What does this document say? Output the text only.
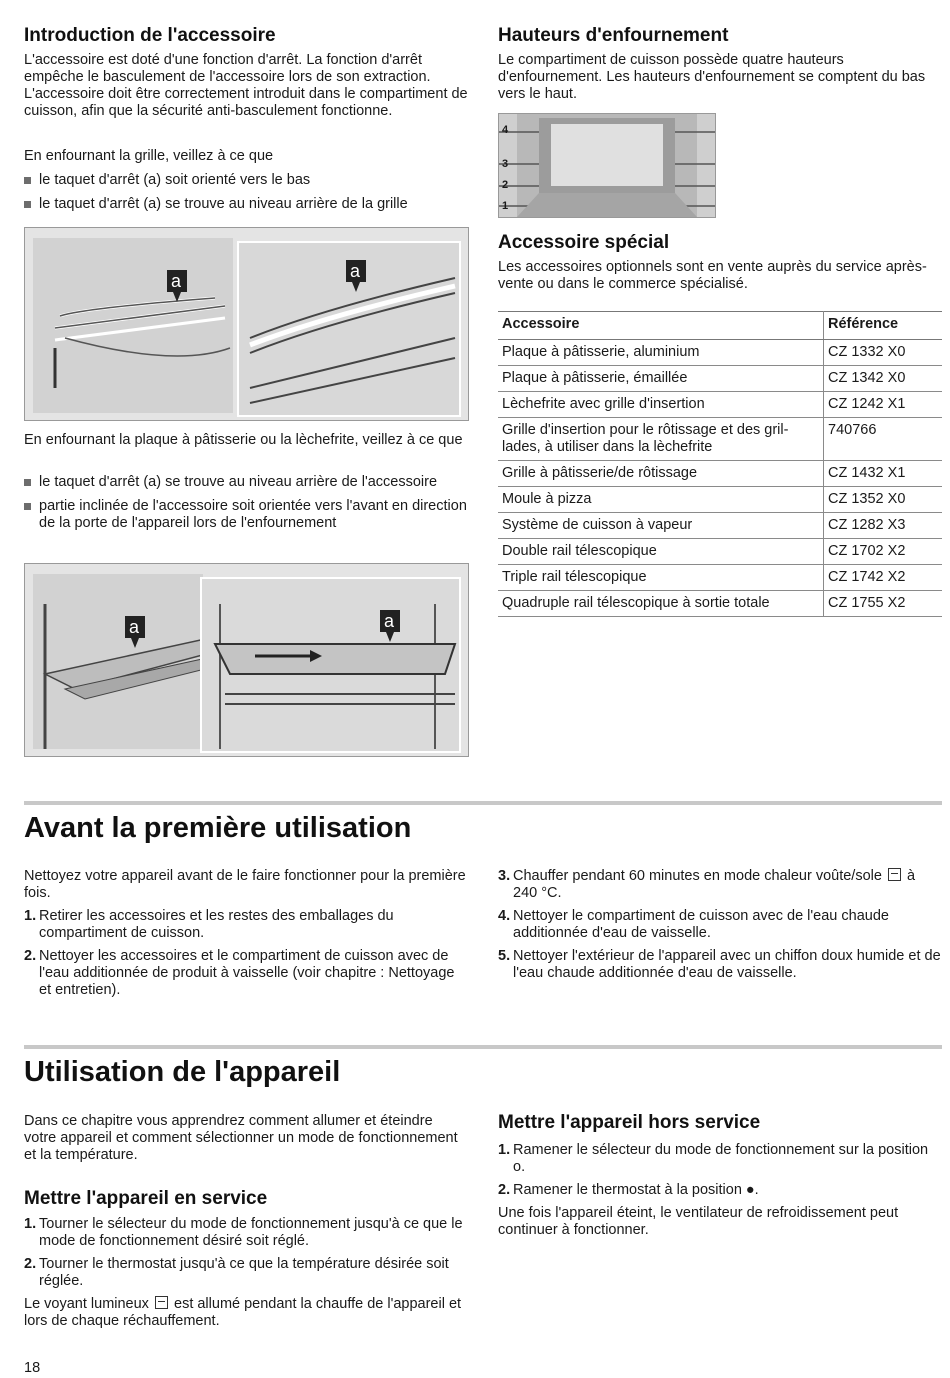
Introduction de l'accessoire

L'accessoire est doté d'une fonction d'arrêt. La fonction d'arrêt empêche le basculement de l'accessoire lors de son extraction. L'accessoire doit être correctement introduit dans le compartiment de cuisson, afin que la sécurité anti-basculement fonctionne.

En enfournant la grille, veillez à ce que

le taquet d'arrêt (a) soit orienté vers le bas

le taquet d'arrêt (a) se trouve au niveau arrière de la grille

a	a

En enfournant la plaque à pâtisserie ou la lèchefrite, veillez à ce que

le taquet d'arrêt (a) se trouve au niveau arrière de l'accessoire

partie inclinée de l'accessoire soit orientée vers l'avant en direction de la porte de l'appareil lors de l'enfournement

a	a
Hauteurs d'enfournement

Le compartiment de cuisson possède quatre hauteurs d'enfournement. Les hauteurs d'enfournement se comptent du bas vers le haut.

4
3
2
1
Accessoire spécial

Les accessoires optionnels sont en vente auprès du service après-vente ou dans le commerce spécialisé.

Accessoire	Référence
Plaque à pâtisserie, aluminium	CZ 1332 X0
Plaque à pâtisserie, émaillée	CZ 1342 X0
Lèchefrite avec grille d'insertion	CZ 1242 X1
Grille d'insertion pour le rôtissage et des gril-lades, à utiliser dans la lèchefrite	740766
Grille à pâtisserie/de rôtissage	CZ 1432 X1
Moule à pizza	CZ 1352 X0
Système de cuisson à vapeur	CZ 1282 X3
Double rail télescopique	CZ 1702 X2
Triple rail télescopique	CZ 1742 X2
Quadruple rail télescopique à sortie totale	CZ 1755 X2
Avant la première utilisation

Nettoyez votre appareil avant de le faire fonctionner pour la première fois.

1. Retirer les accessoires et les restes des emballages du compartiment de cuisson.
2. Nettoyer les accessoires et le compartiment de cuisson avec de l'eau additionnée de produit à vaisselle (voir chapitre : Nettoyage et entretien).
3. Chauffer pendant 60 minutes en mode chaleur voûte/sole à 240 °C.
4. Nettoyer le compartiment de cuisson avec de l'eau chaude additionnée d'eau de vaisselle.
5. Nettoyer l'extérieur de l'appareil avec un chiffon doux humide et de l'eau chaude additionnée d'eau de vaisselle.
Utilisation de l'appareil

Dans ce chapitre vous apprendrez comment allumer et éteindre votre appareil et comment sélectionner un mode de fonctionnement et la température.

Mettre l'appareil en service
1. Tourner le sélecteur du mode de fonctionnement jusqu'à ce que le mode de fonctionnement désiré soit réglé.
2. Tourner le thermostat jusqu'à ce que la température désirée soit réglée.

Le voyant lumineux est allumé pendant la chauffe de l'appareil et lors de chaque réchauffement.

Mettre l'appareil hors service
1. Ramener le sélecteur du mode de fonctionnement sur la position o.
2. Ramener le thermostat à la position ●.

Une fois l'appareil éteint, le ventilateur de refroidissement peut continuer à fonctionner.

18
